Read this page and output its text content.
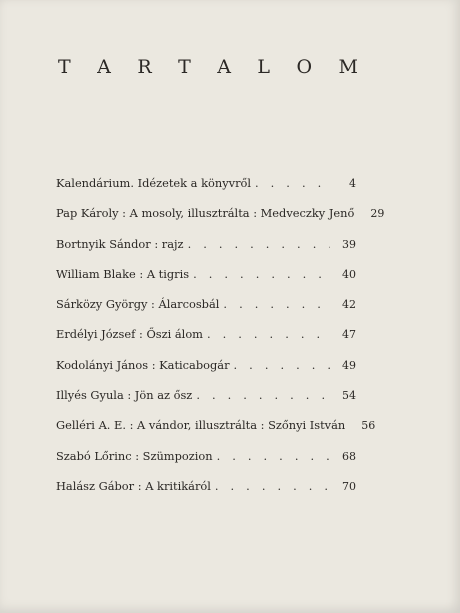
T A R T A L O M
Kalendárium. Idézetek a könyvről . . .	4
Pap Károly : A mosoly, illusztrálta : Medveczky Jenő	29
Bortnyik Sándor : rajz . . .	39
William Blake : A tigris . . .	40
Sárközy György : Álarcosbál . . .	42
Erdélyi József : Őszi álom . . .	47
Kodolányi János : Katicabogár . . .	49
Illyés Gyula : Jön az ősz . . .	54
Gelléri A. E. : A vándor, illusztrálta : Szőnyi István	56
Szabó Lőrinc : Szümpozion . . .	68
Halász Gábor : A kritikáról . . .	70
